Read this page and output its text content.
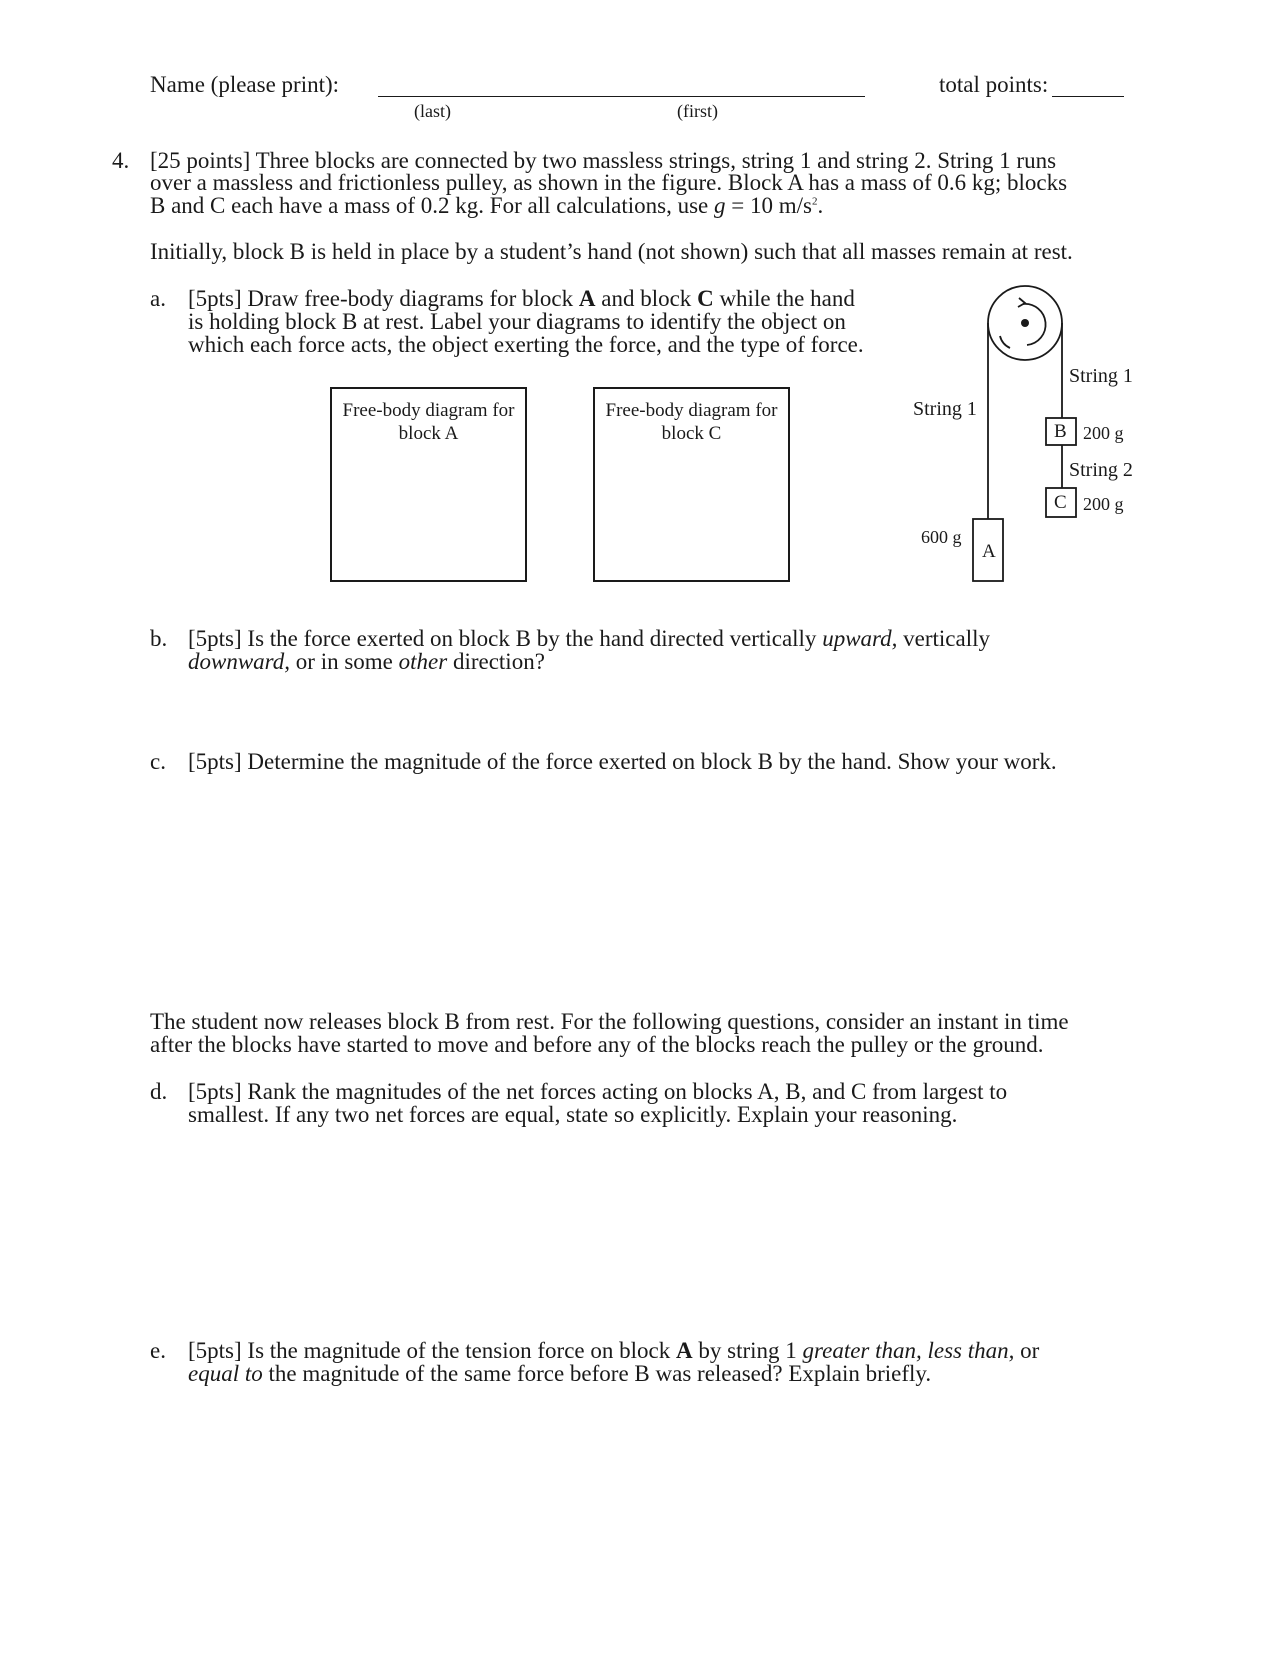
Name (please print):
(last)	(first)
total points:
4. [25 points] Three blocks are connected by two massless strings, string 1 and string 2. String 1 runs
over a massless and frictionless pulley, as shown in the figure. Block A has a mass of 0.6 kg; blocks
B and C each have a mass of 0.2 kg. For all calculations, use g = 10 $m/s^2$.
Initially, block B is held in place by a student’s hand (not shown) such that all masses remain at rest.
a. [5pts] Draw free-body diagrams for block A and block C while the hand
is holding block B at rest. Label your diagrams to identify the object on
which each force acts, the object exerting the force, and the type of force.
Free-body diagram for block A
Free-body diagram for block C
String 1
String 1
String 2
A
B
C
600 g
200 g
200 g
b. [5pts] Is the force exerted on block B by the hand directed vertically upward, vertically
downward, or in some other direction?
c. [5pts] Determine the magnitude of the force exerted on block B by the hand. Show your work.
The student now releases block B from rest. For the following questions, consider an instant in time
after the blocks have started to move and before any of the blocks reach the pulley or the ground.
d. [5pts] Rank the magnitudes of the net forces acting on blocks A, B, and C from largest to
smallest. If any two net forces are equal, state so explicitly. Explain your reasoning.
e. [5pts] Is the magnitude of the tension force on block A by string 1 greater than, less than, or
equal to the magnitude of the same force before B was released? Explain briefly.
